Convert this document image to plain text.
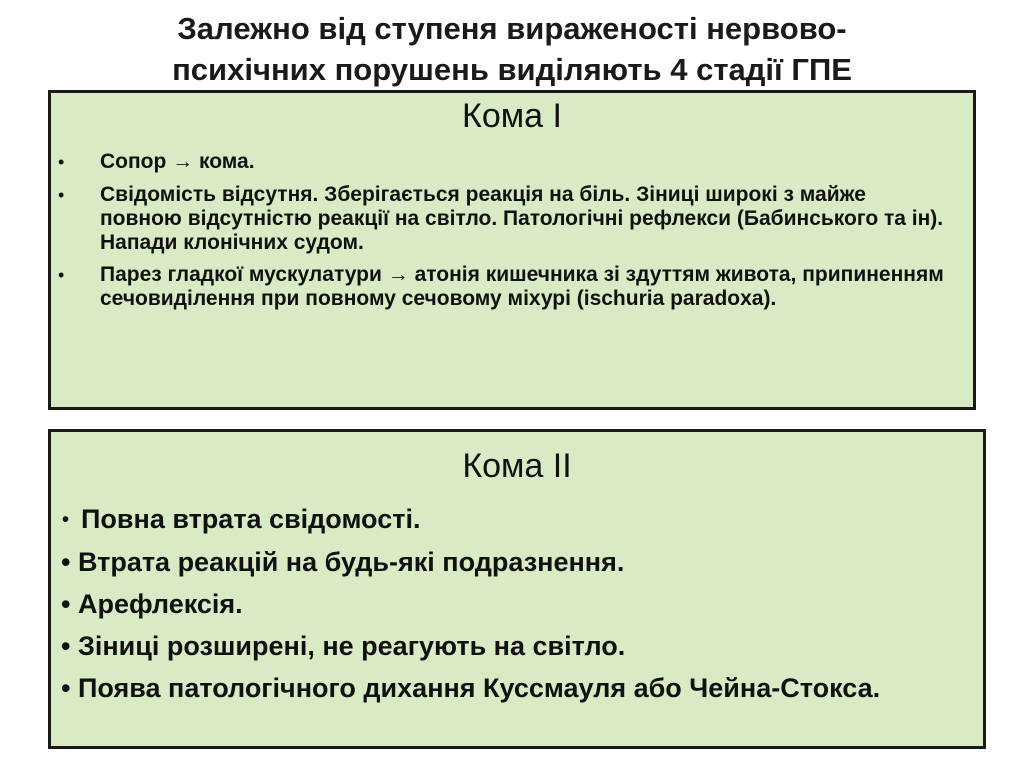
Залежно від ступеня вираженості нервово-
психічних порушень виділяють 4 стадії ГПЕ
Кома І
• Сопор → кома.
• Свідомість відсутня. Зберігається реакція на біль. Зіниці широкі з майже повною відсутністю реакції на світло. Патологічні рефлекси (Бабинського та ін). Напади клонічних судом.
• Парез гладкої мускулатури → атонія кишечника зі здуттям живота, припиненням сечовиділення при повному сечовому міхурі (ischuria paradoxa).
Кома ІІ
• Повна втрата свідомості.
• Втрата реакцій на будь-які подразнення.
• Арефлексія.
• Зіниці розширені, не реагують на світло.
• Поява патологічного дихання Куссмауля або Чейна-Стокса.
